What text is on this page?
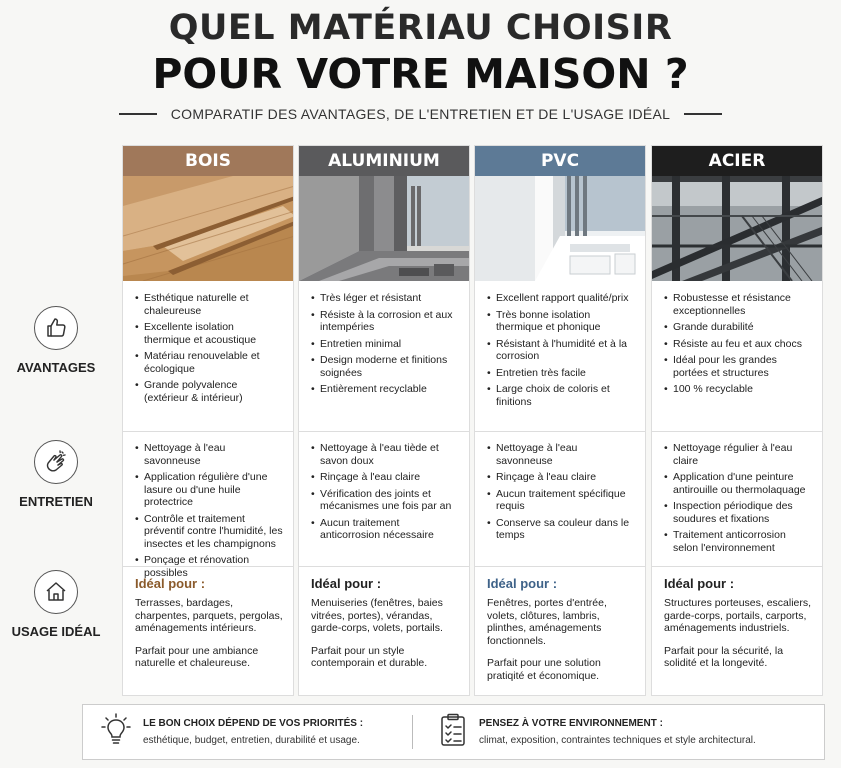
QUEL MATÉRIAU CHOISIR
POUR VOTRE MAISON ?
COMPARATIF DES AVANTAGES, DE L'ENTRETIEN ET DE L'USAGE IDÉAL
AVANTAGES
ENTRETIEN
USAGE IDÉAL
BOIS
• Esthétique naturelle et chaleureuse
• Excellente isolation thermique et acoustique
• Matériau renouvelable et écologique
• Grande polyvalence (extérieur & intérieur)
• Nettoyage à l'eau savonneuse
• Application régulière d'une lasure ou d'une huile protectrice
• Contrôle et traitement préventif contre l'humidité, les insectes et les champignons
• Ponçage et rénovation possibles
Idéal pour :
Terrasses, bardages, charpentes, parquets, pergolas, aménagements intérieurs.
Parfait pour une ambiance naturelle et chaleureuse.
ALUMINIUM
• Très léger et résistant
• Résiste à la corrosion et aux intempéries
• Entretien minimal
• Design moderne et finitions soignées
• Entièrement recyclable
• Nettoyage à l'eau tiède et savon doux
• Rinçage à l'eau claire
• Vérification des joints et mécanismes une fois par an
• Aucun traitement anticorrosion nécessaire
Idéal pour :
Menuiseries (fenêtres, baies vitrées, portes), vérandas, garde-corps, volets, portails.
Parfait pour un style contemporain et durable.
PVC
• Excellent rapport qualité/prix
• Très bonne isolation thermique et phonique
• Résistant à l'humidité et à la corrosion
• Entretien très facile
• Large choix de coloris et finitions
• Nettoyage à l'eau savonneuse
• Rinçage à l'eau claire
• Aucun traitement spécifique requis
• Conserve sa couleur dans le temps
Idéal pour :
Fenêtres, portes d'entrée, volets, clôtures, lambris, plinthes, aménagements fonctionnels.
Parfait pour une solution pratiqité et économique.
ACIER
• Robustesse et résistance exceptionnelles
• Grande durabilité
• Résiste au feu et aux chocs
• Idéal pour les grandes portées et structures
• 100 % recyclable
• Nettoyage régulier à l'eau claire
• Application d'une peinture antirouille ou thermolaquage
• Inspection périodique des soudures et fixations
• Traitement anticorrosion selon l'environnement
Idéal pour :
Structures porteuses, escaliers, garde-corps, portails, carports, aménagements industriels.
Parfait pour la sécurité, la solidité et la longevité.
LE BON CHOIX DÉPEND DE VOS PRIORITÉS :
esthétique, budget, entretien, durabilité et usage.
PENSEZ À VOTRE ENVIRONNEMENT :
climat, exposition, contraintes techniques et style architectural.
